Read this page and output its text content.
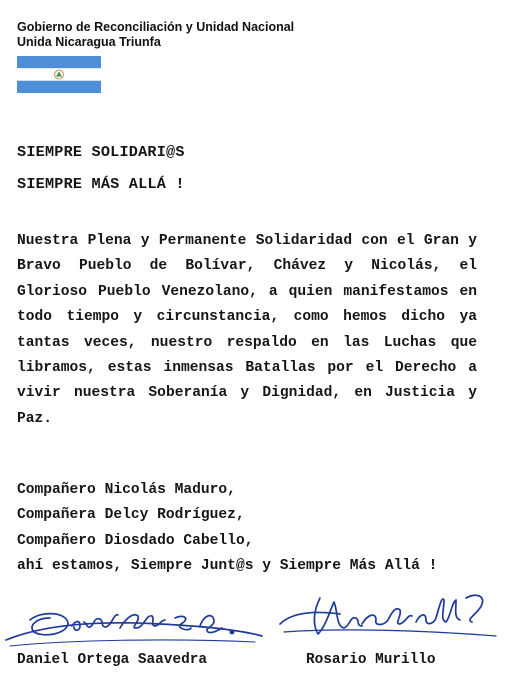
Gobierno de Reconciliación y Unidad Nacional
Unida Nicaragua Triunfa
SIEMPRE SOLIDARI@S
SIEMPRE MÁS ALLÁ !

Nuestra Plena y Permanente Solidaridad con el Gran y Bravo Pueblo de Bolívar, Chávez y Nicolás, el Glorioso Pueblo Venezolano, a quien manifestamos en todo tiempo y circunstancia, como hemos dicho ya tantas veces, nuestro respaldo en las Luchas que libramos, estas inmensas Batallas por el Derecho a vivir nuestra Soberanía y Dignidad, en Justicia y Paz.

Compañero Nicolás Maduro,
Compañera Delcy Rodríguez,
Compañero Diosdado Cabello,
ahí estamos, Siempre Junt@s y Siempre Más Allá !
Daniel Ortega Saavedra	Rosario Murillo
